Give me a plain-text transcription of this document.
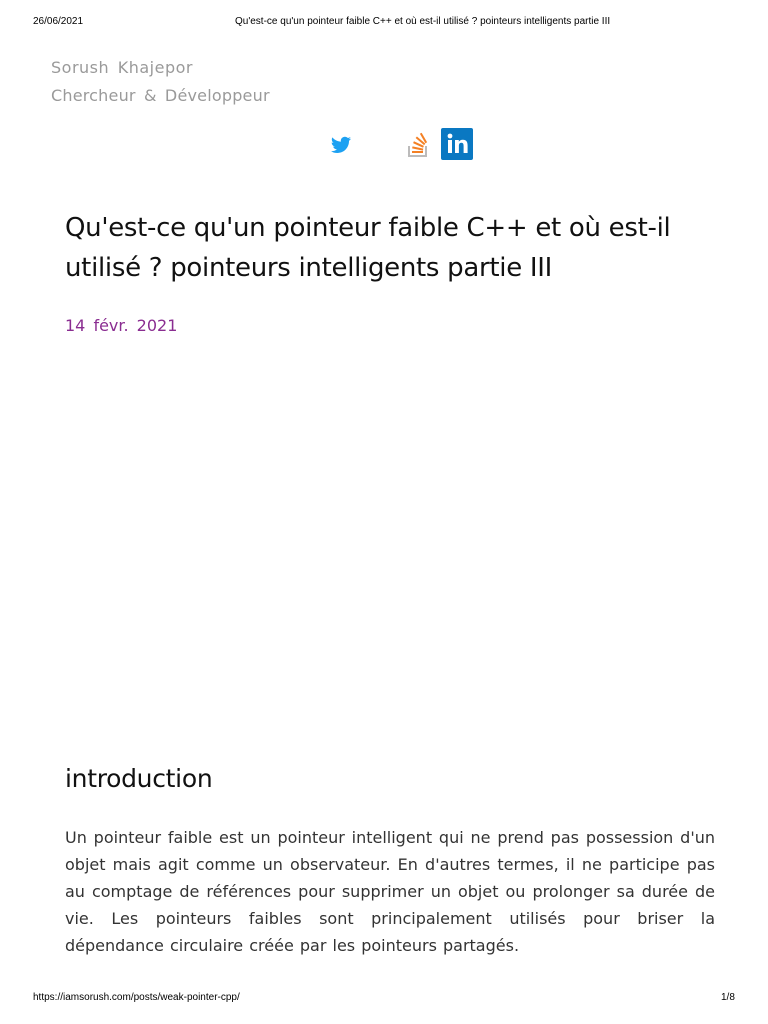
26/06/2021	Qu'est-ce qu'un pointeur faible C++ et où est-il utilisé ? pointeurs intelligents partie III
Sorush Khajepor
Chercheur & Développeur
Qu'est-ce qu'un pointeur faible C++ et où est-il utilisé ? pointeurs intelligents partie III
14 févr. 2021
introduction

Un pointeur faible est un pointeur intelligent qui ne prend pas possession d'un objet mais agit comme un observateur. En d'autres termes, il ne participe pas au comptage de références pour supprimer un objet ou prolonger sa durée de vie. Les pointeurs faibles sont principalement utilisés pour briser la dépendance circulaire créée par les pointeurs partagés.

https://iamsorush.com/posts/weak-pointer-cpp/	1/8
